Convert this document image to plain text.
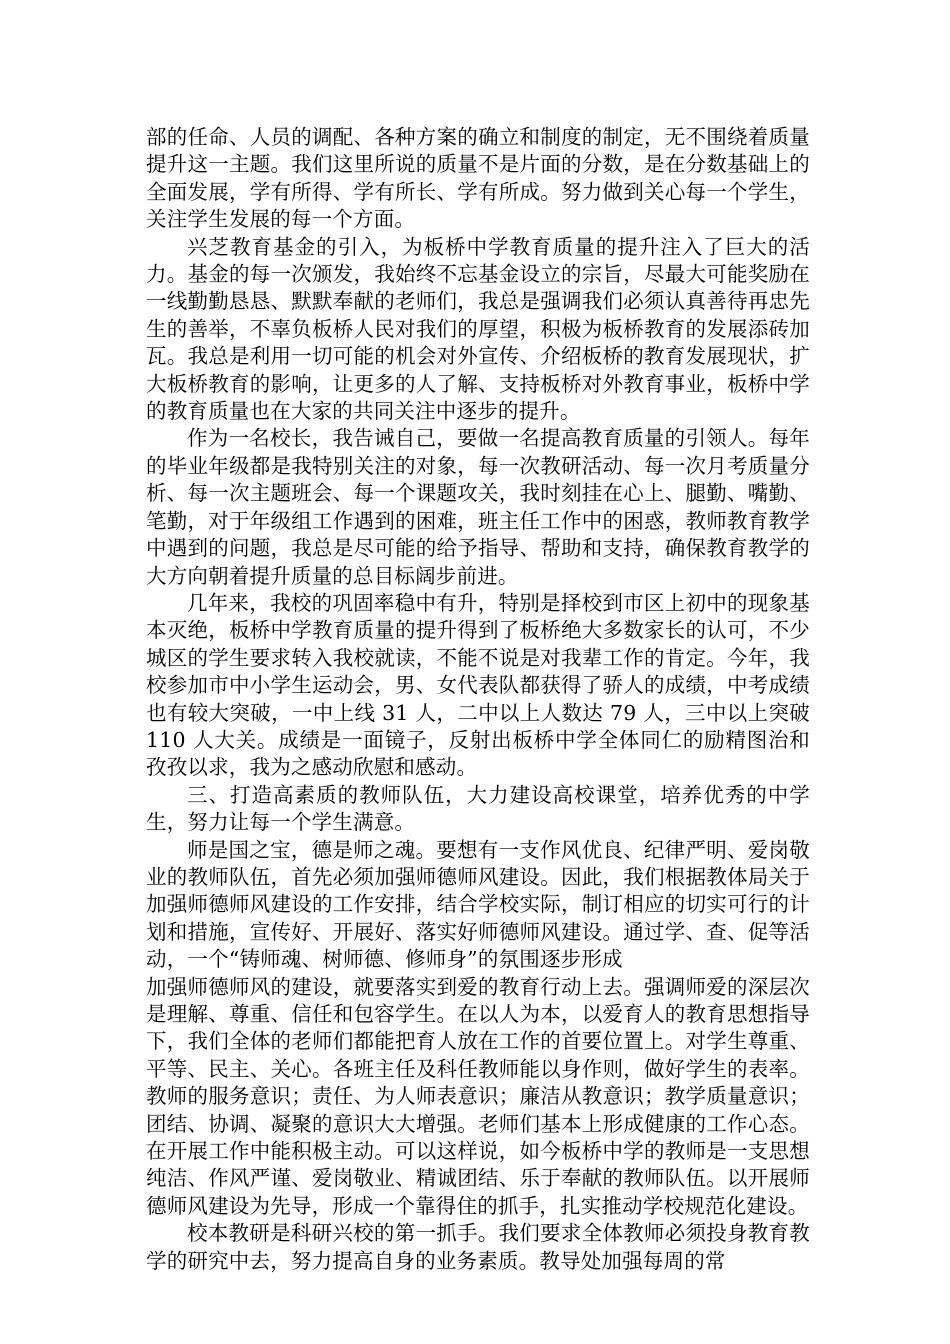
部的任命、人员的调配、各种方案的确立和制度的制定，无不围绕着质量提升这一主题。我们这里所说的质量不是片面的分数，是在分数基础上的全面发展，学有所得、学有所长、学有所成。努力做到关心每一个学生，关注学生发展的每一个方面。

兴芝教育基金的引入，为板桥中学教育质量的提升注入了巨大的活力。基金的每一次颁发，我始终不忘基金设立的宗旨，尽最大可能奖励在一线勤勤恳恳、默默奉献的老师们，我总是强调我们必须认真善待再忠先生的善举，不辜负板桥人民对我们的厚望，积极为板桥教育的发展添砖加瓦。我总是利用一切可能的机会对外宣传、介绍板桥的教育发展现状，扩大板桥教育的影响，让更多的人了解、支持板桥对外教育事业，板桥中学的教育质量也在大家的共同关注中逐步的提升。

作为一名校长，我告诫自己，要做一名提高教育质量的引领人。每年的毕业年级都是我特别关注的对象，每一次教研活动、每一次月考质量分析、每一次主题班会、每一个课题攻关，我时刻挂在心上、腿勤、嘴勤、笔勤，对于年级组工作遇到的困难，班主任工作中的困惑，教师教育教学中遇到的问题，我总是尽可能的给予指导、帮助和支持，确保教育教学的大方向朝着提升质量的总目标阔步前进。

几年来，我校的巩固率稳中有升，特别是择校到市区上初中的现象基本灭绝，板桥中学教育质量的提升得到了板桥绝大多数家长的认可，不少城区的学生要求转入我校就读，不能不说是对我辈工作的肯定。今年，我校参加市中小学生运动会，男、女代表队都获得了骄人的成绩，中考成绩也有较大突破，一中上线 31 人，二中以上人数达 79 人，三中以上突破 110 人大关。成绩是一面镜子，反射出板桥中学全体同仁的励精图治和孜孜以求，我为之感动欣慰和感动。

三、打造高素质的教师队伍，大力建设高校课堂，培养优秀的中学生，努力让每一个学生满意。

师是国之宝，德是师之魂。要想有一支作风优良、纪律严明、爱岗敬业的教师队伍，首先必须加强师德师风建设。因此，我们根据教体局关于加强师德师风建设的工作安排，结合学校实际，制订相应的切实可行的计划和措施，宣传好、开展好、落实好师德师风建设。通过学、查、促等活动，一个“铸师魂、树师德、修师身”的氛围逐步形成

加强师德师风的建设，就要落实到爱的教育行动上去。强调师爱的深层次是理解、尊重、信任和包容学生。在以人为本，以爱育人的教育思想指导下，我们全体的老师们都能把育人放在工作的首要位置上。对学生尊重、平等、民主、关心。各班主任及科任教师能以身作则，做好学生的表率。教师的服务意识；责任、为人师表意识；廉洁从教意识；教学质量意识；团结、协调、凝聚的意识大大增强。老师们基本上形成健康的工作心态。在开展工作中能积极主动。可以这样说，如今板桥中学的教师是一支思想纯洁、作风严谨、爱岗敬业、精诚团结、乐于奉献的教师队伍。以开展师德师风建设为先导，形成一个靠得住的抓手，扎实推动学校规范化建设。

校本教研是科研兴校的第一抓手。我们要求全体教师必须投身教育教学的研究中去，努力提高自身的业务素质。教导处加强每周的常
